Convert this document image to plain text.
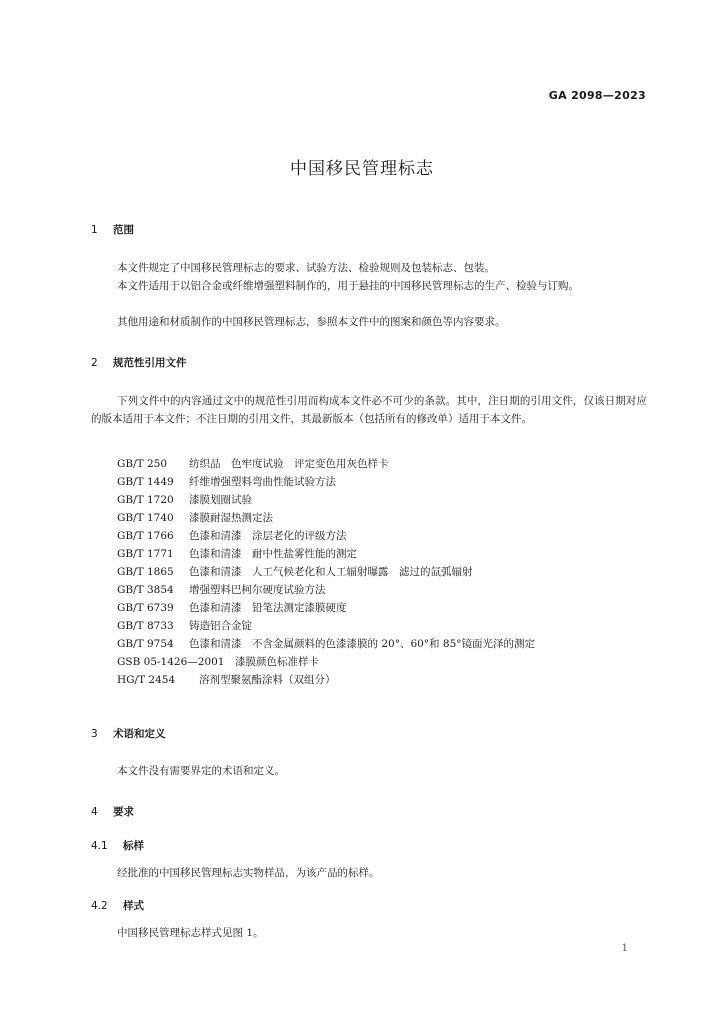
GA 2098—2023
中国移民管理标志
1 范围
本文件规定了中国移民管理标志的要求、试验方法、检验规则及包装标志、包装。
本文件适用于以铝合金或纤维增强塑料制作的，用于悬挂的中国移民管理标志的生产、检验与订购。
其他用途和材质制作的中国移民管理标志，参照本文件中的图案和颜色等内容要求。
2 规范性引用文件
下列文件中的内容通过文中的规范性引用而构成本文件必不可少的条款。其中，注日期的引用文件，仅该日期对应的版本适用于本文件；不注日期的引用文件，其最新版本（包括所有的修改单）适用于本文件。
GB/T 250	纺织品　色牢度试验　评定变色用灰色样卡
GB/T 1449	纤维增强塑料弯曲性能试验方法
GB/T 1720	漆膜划圈试验
GB/T 1740	漆膜耐湿热测定法
GB/T 1766	色漆和清漆　涂层老化的评级方法
GB/T 1771	色漆和清漆　耐中性盐雾性能的测定
GB/T 1865	色漆和清漆　人工气候老化和人工辐射曝露　滤过的氙弧辐射
GB/T 3854	增强塑料巴柯尔硬度试验方法
GB/T 6739	色漆和清漆　铅笔法测定漆膜硬度
GB/T 8733	铸造铝合金锭
GB/T 9754	色漆和清漆　不含金属颜料的色漆漆膜的 20°、60°和 85°镜面光泽的测定
GSB 05-1426—2001	漆膜颜色标准样卡
HG/T 2454	溶剂型聚氨酯涂料（双组分）
3 术语和定义
本文件没有需要界定的术语和定义。
4 要求
4.1 标样
经批准的中国移民管理标志实物样品，为该产品的标样。
4.2 样式
中国移民管理标志样式见图 1。
1
